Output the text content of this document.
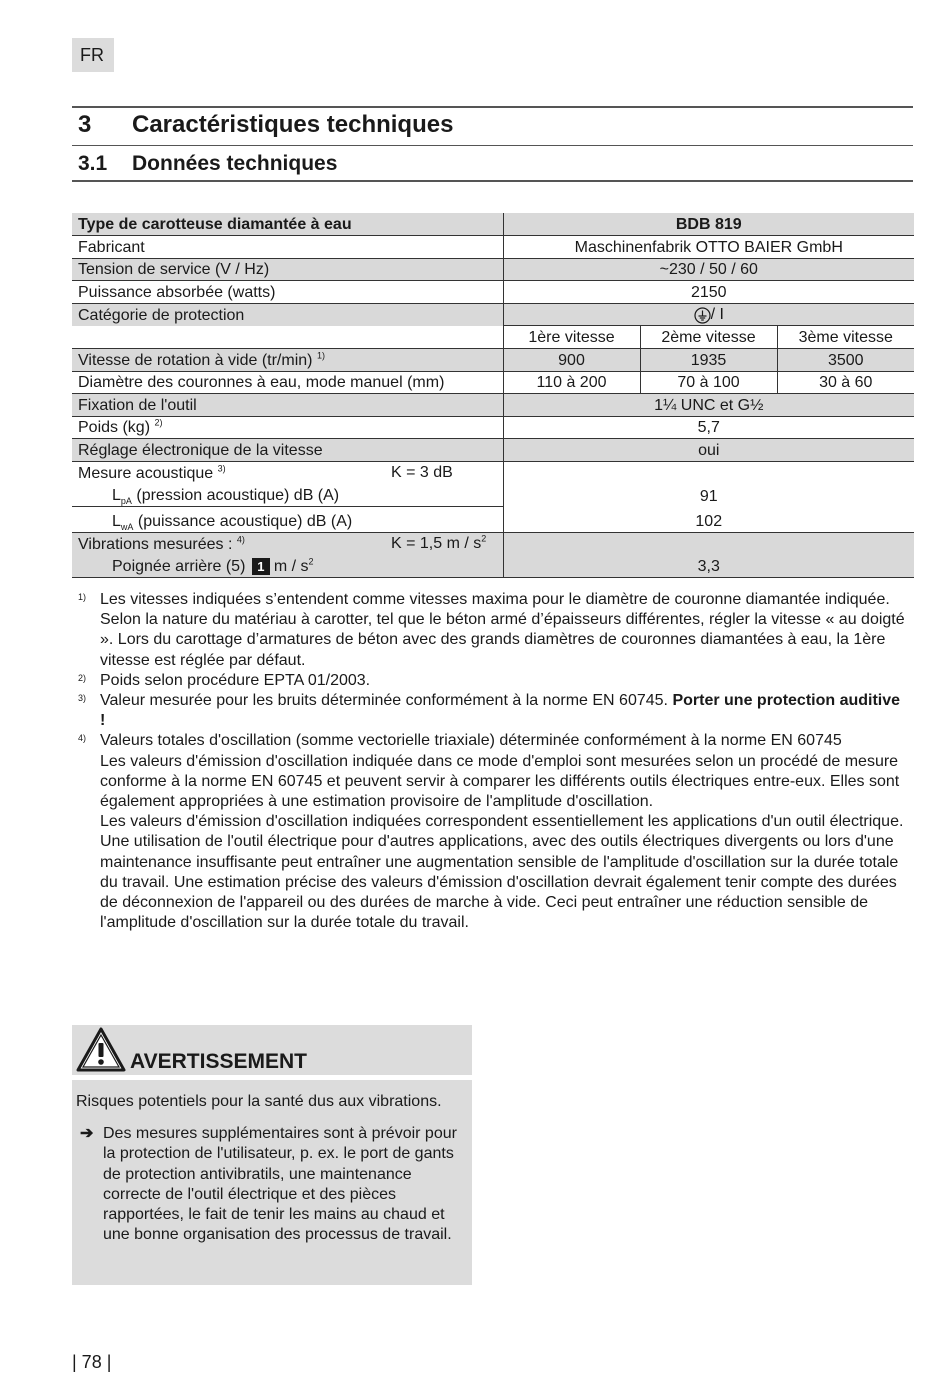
FR
3 Caractéristiques techniques
3.1 Données techniques
Type de carotteuse diamantée à eau	BDB 819		
Fabricant	Maschinenfabrik OTTO BAIER GmbH		
Tension de service (V / Hz)	~230 / 50 / 60		
Puissance absorbée (watts)	2150		
Catégorie de protection	/ I		
	1ère vitesse	2ème vitesse	3ème vitesse
Vitesse de rotation à vide (tr/min) $^{1)}$	900	1935	3500
Diamètre des couronnes à eau, mode manuel (mm)	110 à 200	70 à 100	30 à 60
Fixation de l'outil	1¼ UNC et G½		
Poids (kg) $^{2)}$	5,7		
Réglage électronique de la vitesse	oui		
Mesure acoustique $^{3)}$ K = 3 dB			

$L_{pA}$ (pression acoustique) dB (A)	91		
$L_{wA}$ (puissance acoustique) dB (A)	102		
Vibrations mesurées : $^{4)}$ K = 1,5 m / $s^2$

Poignée arrière (5) 1 m / $s^2$	3,3		
1) Les vitesses indiquées s’entendent comme vitesses maxima pour le diamètre de couronne diamantée indiquée. Selon la nature du matériau à carotter, tel que le béton armé d’épaisseurs différentes, régler la vitesse « au doigté ». Lors du carottage d’armatures de béton avec des grands diamètres de couronnes diamantées à eau, la 1ère vitesse est réglée par défaut.

2) Poids selon procédure EPTA 01/2003.

3) Valeur mesurée pour les bruits déterminée conformément à la norme EN 60745. Porter une protection auditive !

4) Valeurs totales d'oscillation (somme vectorielle triaxiale) déterminée conformément à la norme EN 60745

Les valeurs d'émission d'oscillation indiquée dans ce mode d'emploi sont mesurées selon un procédé de mesure conforme à la norme EN 60745 et peuvent servir à comparer les différents outils électriques entre-eux. Elles sont également appropriées à une estimation provisoire de l'amplitude d'oscillation.

Les valeurs d'émission d'oscillation indiquées correspondent essentiellement les applications d'un outil électrique. Une utilisation de l'outil électrique pour d'autres applications, avec des outils électriques divergents ou lors d'une maintenance insuffisante peut entraîner une augmentation sensible de l'amplitude d'oscillation sur la durée totale du travail. Une estimation précise des valeurs d'émission d'oscillation devrait également tenir compte des durées de déconnexion de l'appareil ou des durées de marche à vide. Ceci peut entraîner une réduction sensible de l'amplitude d'oscillation sur la durée totale du travail.

AVERTISSEMENT

Risques potentiels pour la santé dus aux vibrations.

➔ Des mesures supplémentaires sont à prévoir pour la protection de l'utilisateur, p. ex. le port de gants de protection antivibratils, une maintenance correcte de l'outil électrique et des pièces rapportées, le fait de tenir les mains au chaud et une bonne organisation des processus de travail.
| 78 |
